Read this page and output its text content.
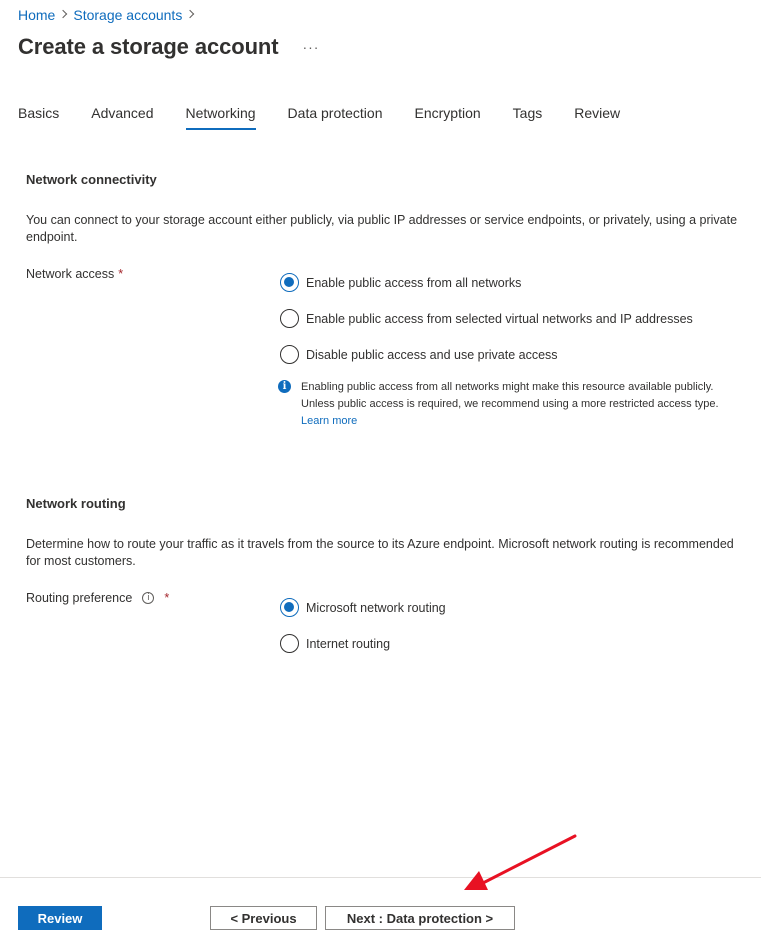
Home Storage accounts
Create a storage account ···
Basics Advanced Networking Data protection Encryption Tags Review
Network connectivity

You can connect to your storage account either publicly, via public IP addresses or service endpoints, or privately, using a private endpoint.

Network access *
Enable public access from all networks
Enable public access from selected virtual networks and IP addresses
Disable public access and use private access
i	Enabling public access from all networks might make this resource available publicly. Unless public access is required, we recommend using a more restricted access type. Learn more

Network routing

Determine how to route your traffic as it travels from the source to its Azure endpoint. Microsoft network routing is recommended for most customers.

Routing preference	i	*
Microsoft network routing
Internet routing
Review	< Previous	Next : Data protection >
